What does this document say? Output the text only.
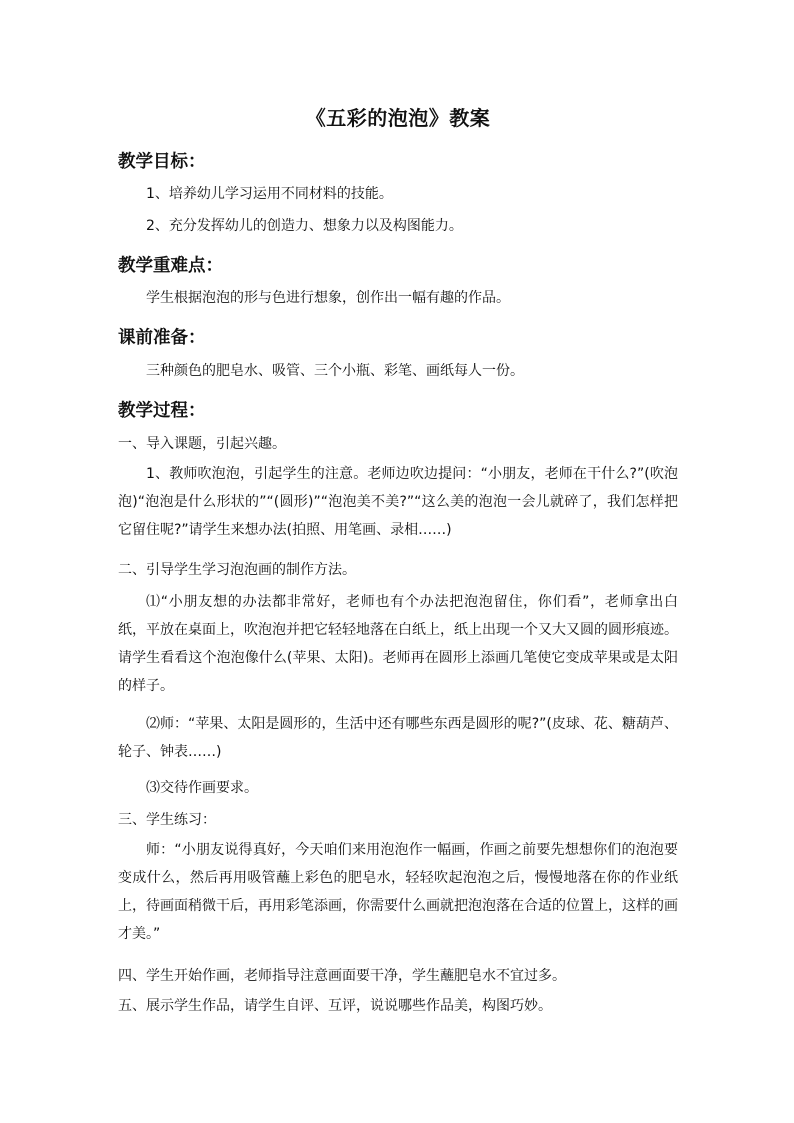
《五彩的泡泡》教案
教学目标：
1、培养幼儿学习运用不同材料的技能。
2、充分发挥幼儿的创造力、想象力以及构图能力。
教学重难点：
学生根据泡泡的形与色进行想象，创作出一幅有趣的作品。
课前准备：
三种颜色的肥皂水、吸管、三个小瓶、彩笔、画纸每人一份。
教学过程：
一、导入课题，引起兴趣。
1、教师吹泡泡，引起学生的注意。老师边吹边提问：“小朋友，老师在干什么?”(吹泡泡)“泡泡是什么形状的”“(圆形)”“泡泡美不美?”“这么美的泡泡一会儿就碎了，我们怎样把它留住呢?”请学生来想办法(拍照、用笔画、录相……)
二、引导学生学习泡泡画的制作方法。
⑴“小朋友想的办法都非常好，老师也有个办法把泡泡留住，你们看”，老师拿出白纸，平放在桌面上，吹泡泡并把它轻轻地落在白纸上，纸上出现一个又大又圆的圆形痕迹。请学生看看这个泡泡像什么(苹果、太阳)。老师再在圆形上添画几笔使它变成苹果或是太阳的样子。
⑵师：“苹果、太阳是圆形的，生活中还有哪些东西是圆形的呢?”(皮球、花、糖葫芦、轮子、钟表……)
⑶交待作画要求。
三、学生练习：
师：“小朋友说得真好，今天咱们来用泡泡作一幅画，作画之前要先想想你们的泡泡要变成什么，然后再用吸管蘸上彩色的肥皂水，轻轻吹起泡泡之后，慢慢地落在你的作业纸上，待画面稍微干后，再用彩笔添画，你需要什么画就把泡泡落在合适的位置上，这样的画才美。”
四、学生开始作画，老师指导注意画面要干净，学生蘸肥皂水不宜过多。
五、展示学生作品，请学生自评、互评，说说哪些作品美，构图巧妙。
